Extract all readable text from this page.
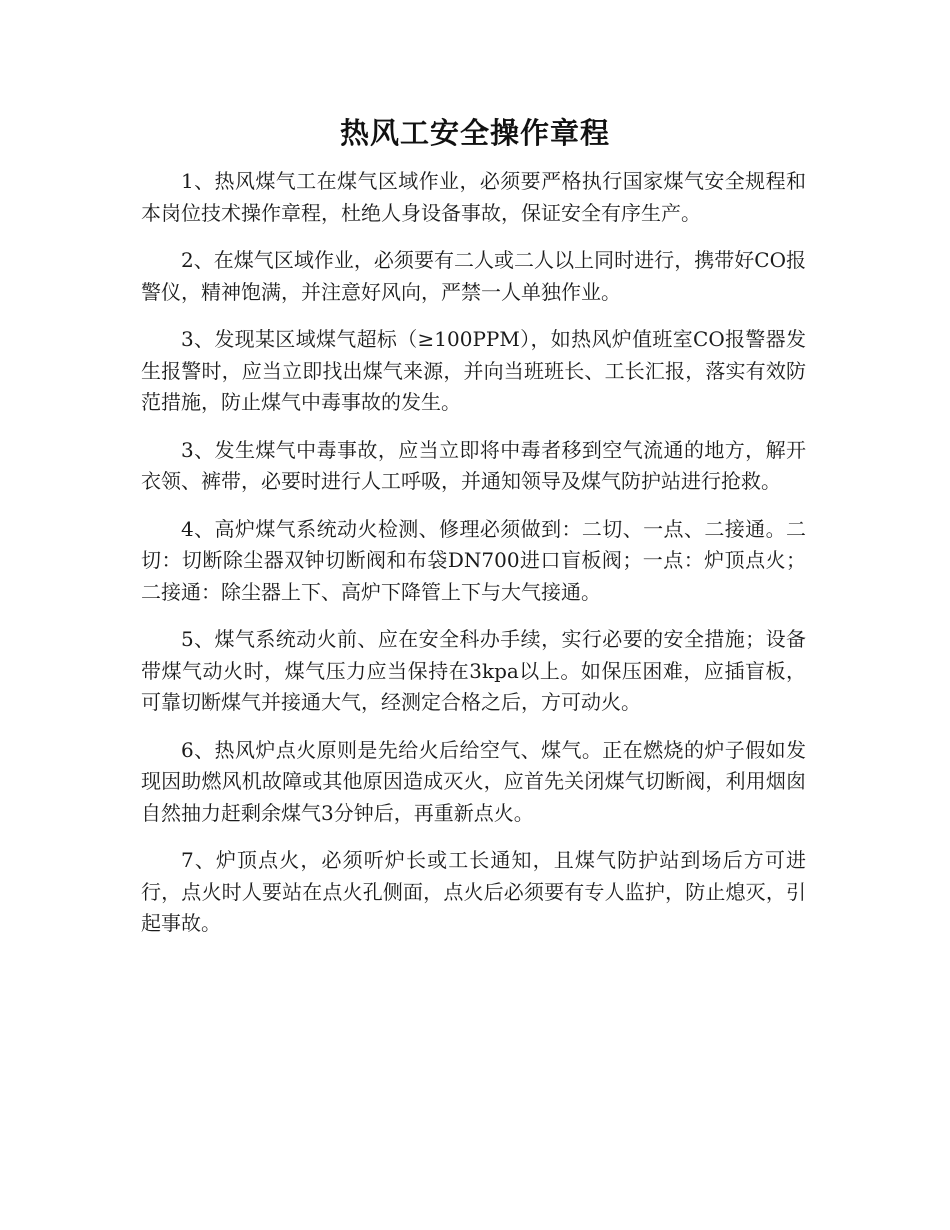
热风工安全操作章程

1、热风煤气工在煤气区域作业，必须要严格执行国家煤气安全规程和本岗位技术操作章程，杜绝人身设备事故，保证安全有序生产。

2、在煤气区域作业，必须要有二人或二人以上同时进行，携带好CO报警仪，精神饱满，并注意好风向，严禁一人单独作业。

3、发现某区域煤气超标（≥100PPM），如热风炉值班室CO报警器发生报警时，应当立即找出煤气来源，并向当班班长、工长汇报，落实有效防范措施，防止煤气中毒事故的发生。

3、发生煤气中毒事故，应当立即将中毒者移到空气流通的地方，解开衣领、裤带，必要时进行人工呼吸，并通知领导及煤气防护站进行抢救。

4、高炉煤气系统动火检测、修理必须做到：二切、一点、二接通。二切：切断除尘器双钟切断阀和布袋DN700进口盲板阀；一点：炉顶点火；二接通：除尘器上下、高炉下降管上下与大气接通。

5、煤气系统动火前、应在安全科办手续，实行必要的安全措施；设备带煤气动火时，煤气压力应当保持在3kpa以上。如保压困难，应插盲板，可靠切断煤气并接通大气，经测定合格之后，方可动火。

6、热风炉点火原则是先给火后给空气、煤气。正在燃烧的炉子假如发现因助燃风机故障或其他原因造成灭火，应首先关闭煤气切断阀，利用烟囱自然抽力赶剩余煤气3分钟后，再重新点火。

7、炉顶点火，必须听炉长或工长通知，且煤气防护站到场后方可进行，点火时人要站在点火孔侧面，点火后必须要有专人监护，防止熄灭，引起事故。
